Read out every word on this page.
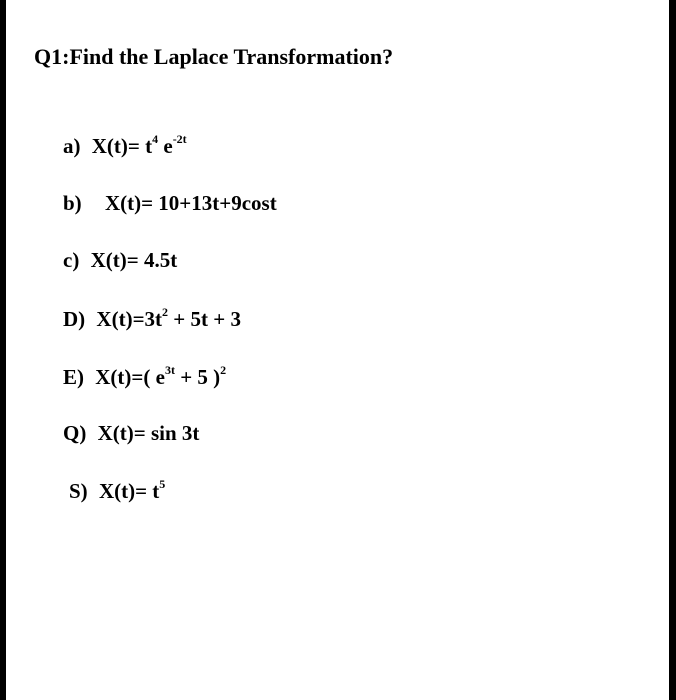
Q1:Find the Laplace Transformation?
a) $X(t)= t^4$ $e^{-2t}$
b) X(t)= 10+13t+9cost
c) X(t)= 4.5t
D) $X(t)=3t^2 + 5t + 3$
E) X(t)=( $e^{3t} + 5$ )$^2$
Q) X(t)= sin 3t
S) $X(t)= t^5$
